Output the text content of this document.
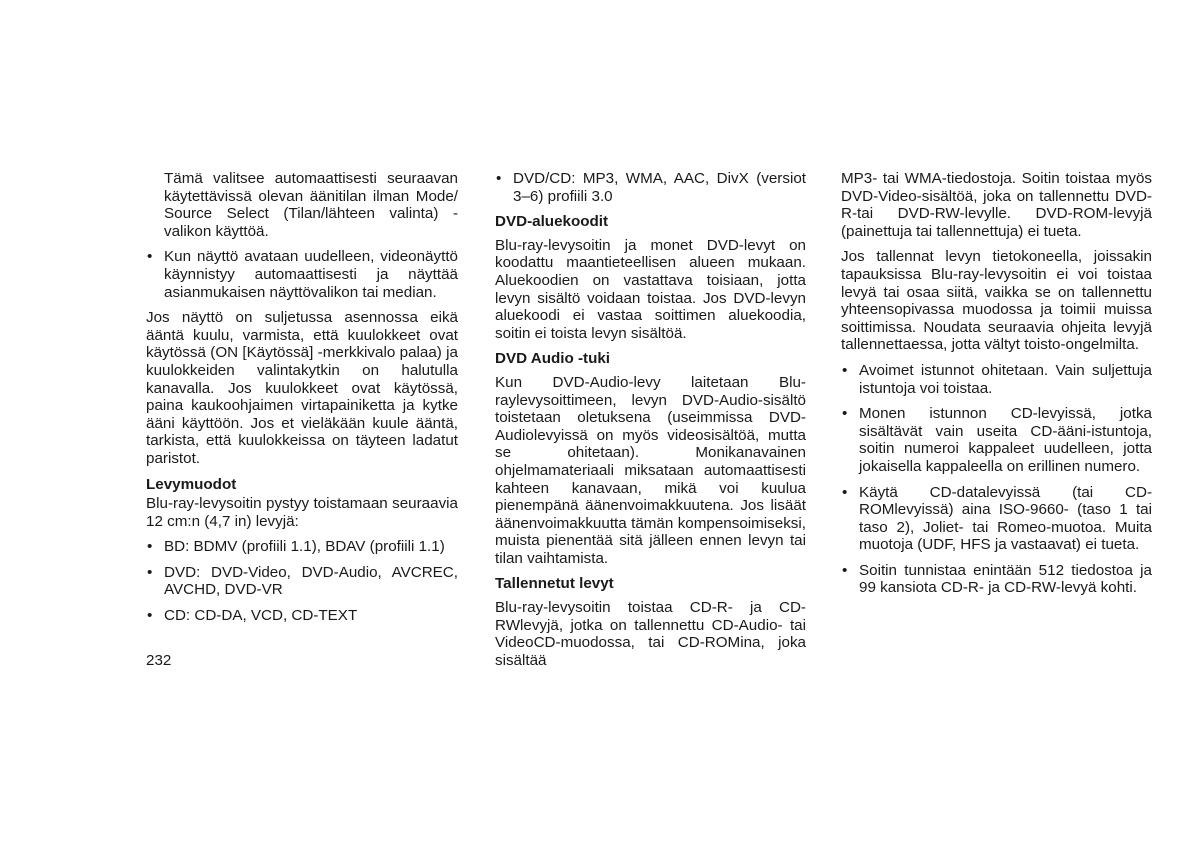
Tämä valitsee automaattisesti seuraavan käytettävissä olevan äänitilan ilman Mode/ Source Select (Tilan/lähteen valinta) -valikon käyttöä.

• Kun näyttö avataan uudelleen, videonäyttö käynnistyy automaattisesti ja näyttää asianmukaisen näyttövalikon tai median.

Jos näyttö on suljetussa asennossa eikä ääntä kuulu, varmista, että kuulokkeet ovat käytössä (ON [Käytössä] -merkkivalo palaa) ja kuulokkeiden valintakytkin on halutulla kanavalla. Jos kuulokkeet ovat käytössä, paina kaukoohjaimen virtapainiketta ja kytke ääni käyttöön. Jos et vieläkään kuule ääntä, tarkista, että kuulokkeissa on täyteen ladatut paristot.

Levymuodot

Blu-ray-levysoitin pystyy toistamaan seuraavia 12 cm:n (4,7 in) levyjä:

• BD: BDMV (profiili 1.1), BDAV (profiili 1.1)
• DVD: DVD-Video, DVD-Audio, AVCREC, AVCHD, DVD-VR
• CD: CD-DA, VCD, CD-TEXT
• DVD/CD: MP3, WMA, AAC, DivX (versiot 3–6) profiili 3.0
DVD-aluekoodit

Blu-ray-levysoitin ja monet DVD-levyt on koodattu maantieteellisen alueen mukaan. Aluekoodien on vastattava toisiaan, jotta levyn sisältö voidaan toistaa. Jos DVD-levyn aluekoodi ei vastaa soittimen aluekoodia, soitin ei toista levyn sisältöä.

DVD Audio -tuki

Kun DVD-Audio-levy laitetaan Blu-raylevysoittimeen, levyn DVD-Audio-sisältö toistetaan oletuksena (useimmissa DVD-Audiolevyissä on myös videosisältöä, mutta se ohitetaan). Monikanavainen ohjelmamateriaali miksataan automaattisesti kahteen kanavaan, mikä voi kuulua pienempänä äänenvoimakkuutena. Jos lisäät äänenvoimakkuutta tämän kompensoimiseksi, muista pienentää sitä jälleen ennen levyn tai tilan vaihtamista.

Tallennetut levyt

Blu-ray-levysoitin toistaa CD-R- ja CD-RWlevyjä, jotka on tallennettu CD-Audio- tai VideoCD-muodossa, tai CD-ROMina, joka sisältää

MP3- tai WMA-tiedostoja. Soitin toistaa myös DVD-Video-sisältöä, joka on tallennettu DVD-R-tai DVD-RW-levylle. DVD-ROM-levyjä (painettuja tai tallennettuja) ei tueta.

Jos tallennat levyn tietokoneella, joissakin tapauksissa Blu-ray-levysoitin ei voi toistaa levyä tai osaa siitä, vaikka se on tallennettu yhteensopivassa muodossa ja toimii muissa soittimissa. Noudata seuraavia ohjeita levyjä tallennettaessa, jotta vältyt toisto-ongelmilta.

• Avoimet istunnot ohitetaan. Vain suljettuja istuntoja voi toistaa.
• Monen istunnon CD-levyissä, jotka sisältävät vain useita CD-ääni-istuntoja, soitin numeroi kappaleet uudelleen, jotta jokaisella kappaleella on erillinen numero.
• Käytä CD-datalevyissä (tai CD-ROMlevyissä) aina ISO-9660- (taso 1 tai taso 2), Joliet- tai Romeo-muotoa. Muita muotoja (UDF, HFS ja vastaavat) ei tueta.
• Soitin tunnistaa enintään 512 tiedostoa ja 99 kansiota CD-R- ja CD-RW-levyä kohti.
232
